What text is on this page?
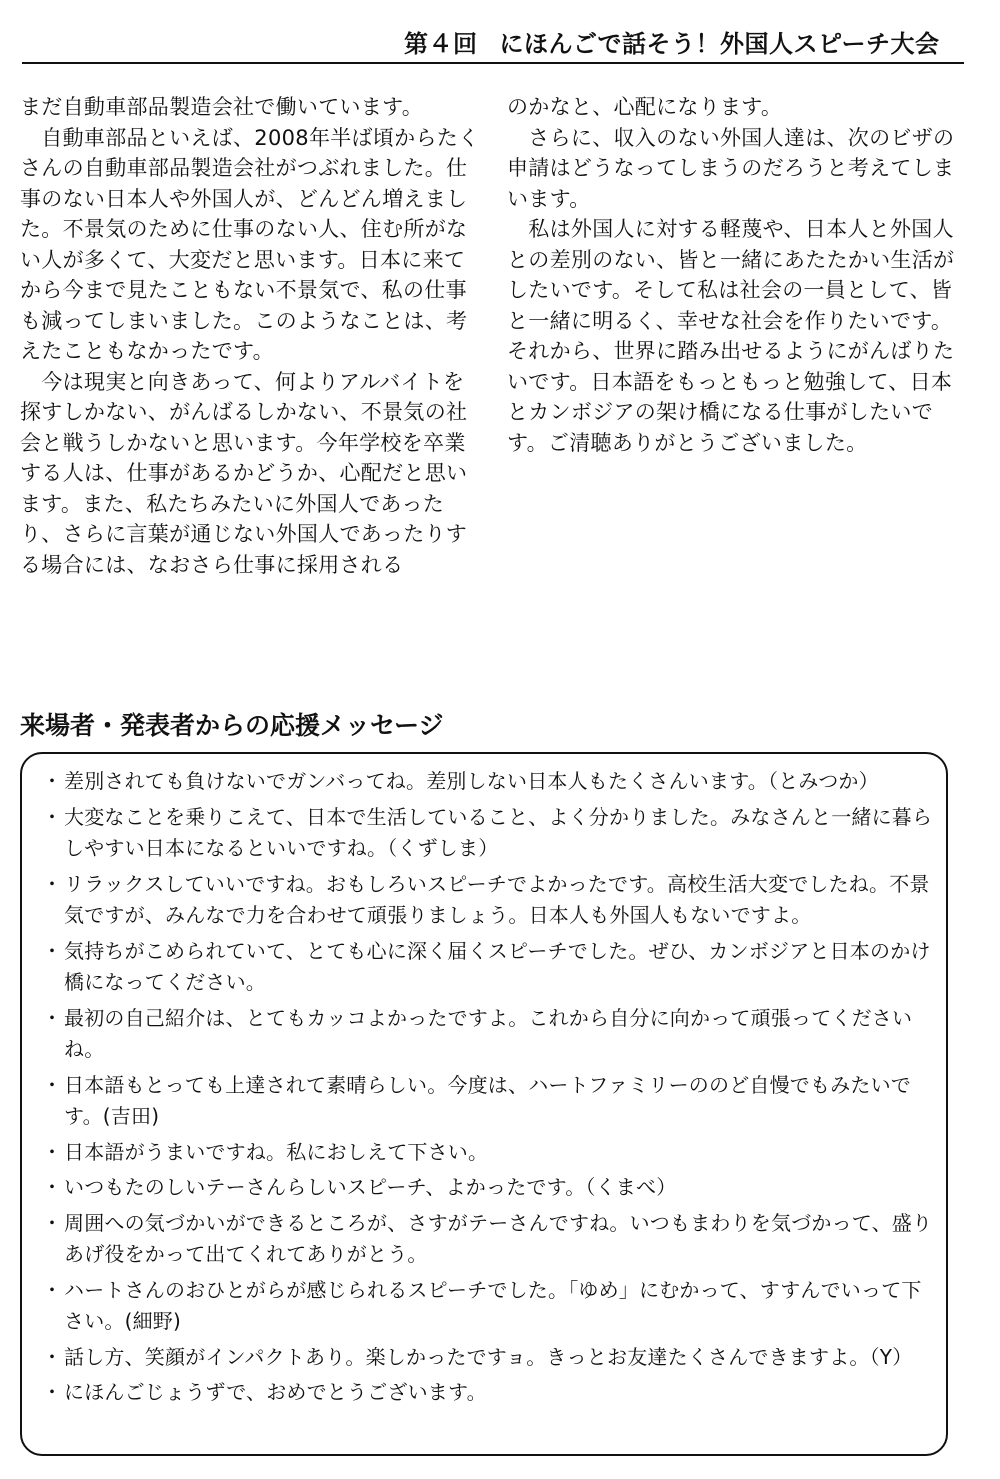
第４回 にほんごで話そう！外国人スピーチ大会

まだ自動車部品製造会社で働いています。

　自動車部品といえば、2008年半ば頃からたくさんの自動車部品製造会社がつぶれました。仕事のない日本人や外国人が、どんどん増えました。不景気のために仕事のない人、住む所がない人が多くて、大変だと思います。日本に来てから今まで見たこともない不景気で、私の仕事も減ってしまいました。このようなことは、考えたこともなかったです。

　今は現実と向きあって、何よりアルバイトを探すしかない、がんばるしかない、不景気の社会と戦うしかないと思います。今年学校を卒業する人は、仕事があるかどうか、心配だと思います。また、私たちみたいに外国人であったり、さらに言葉が通じない外国人であったりする場合には、なおさら仕事に採用される

のかなと、心配になります。

　さらに、収入のない外国人達は、次のビザの申請はどうなってしまうのだろうと考えてしまいます。

　私は外国人に対する軽蔑や、日本人と外国人との差別のない、皆と一緒にあたたかい生活がしたいです。そして私は社会の一員として、皆と一緒に明るく、幸せな社会を作りたいです。それから、世界に踏み出せるようにがんばりたいです。日本語をもっともっと勉強して、日本とカンボジアの架け橋になる仕事がしたいです。ご清聴ありがとうございました。

来場者・発表者からの応援メッセージ
・ 差別されても負けないでガンバってね。差別しない日本人もたくさんいます。（とみつか）
・ 大変なことを乗りこえて、日本で生活していること、よく分かりました。みなさんと一緒に暮らしやすい日本になるといいですね。（くずしま）
・ リラックスしていいですね。おもしろいスピーチでよかったです。高校生活大変でしたね。不景気ですが、みんなで力を合わせて頑張りましょう。日本人も外国人もないですよ。
・ 気持ちがこめられていて、とても心に深く届くスピーチでした。ぜひ、カンボジアと日本のかけ橋になってください。
・ 最初の自己紹介は、とてもカッコよかったですよ。これから自分に向かって頑張ってくださいね。
・ 日本語もとっても上達されて素晴らしい。今度は、ハートファミリーののど自慢でもみたいです。(吉田)
・ 日本語がうまいですね。私におしえて下さい。
・ いつもたのしいテーさんらしいスピーチ、よかったです。（くまべ）
・ 周囲への気づかいができるところが、さすがテーさんですね。いつもまわりを気づかって、盛りあげ役をかって出てくれてありがとう。
・ ハートさんのおひとがらが感じられるスピーチでした。「ゆめ」にむかって、すすんでいって下さい。(細野)
・ 話し方、笑顔がインパクトあり。楽しかったですョ。きっとお友達たくさんできますよ。（Y）
・ にほんごじょうずで、おめでとうございます。
